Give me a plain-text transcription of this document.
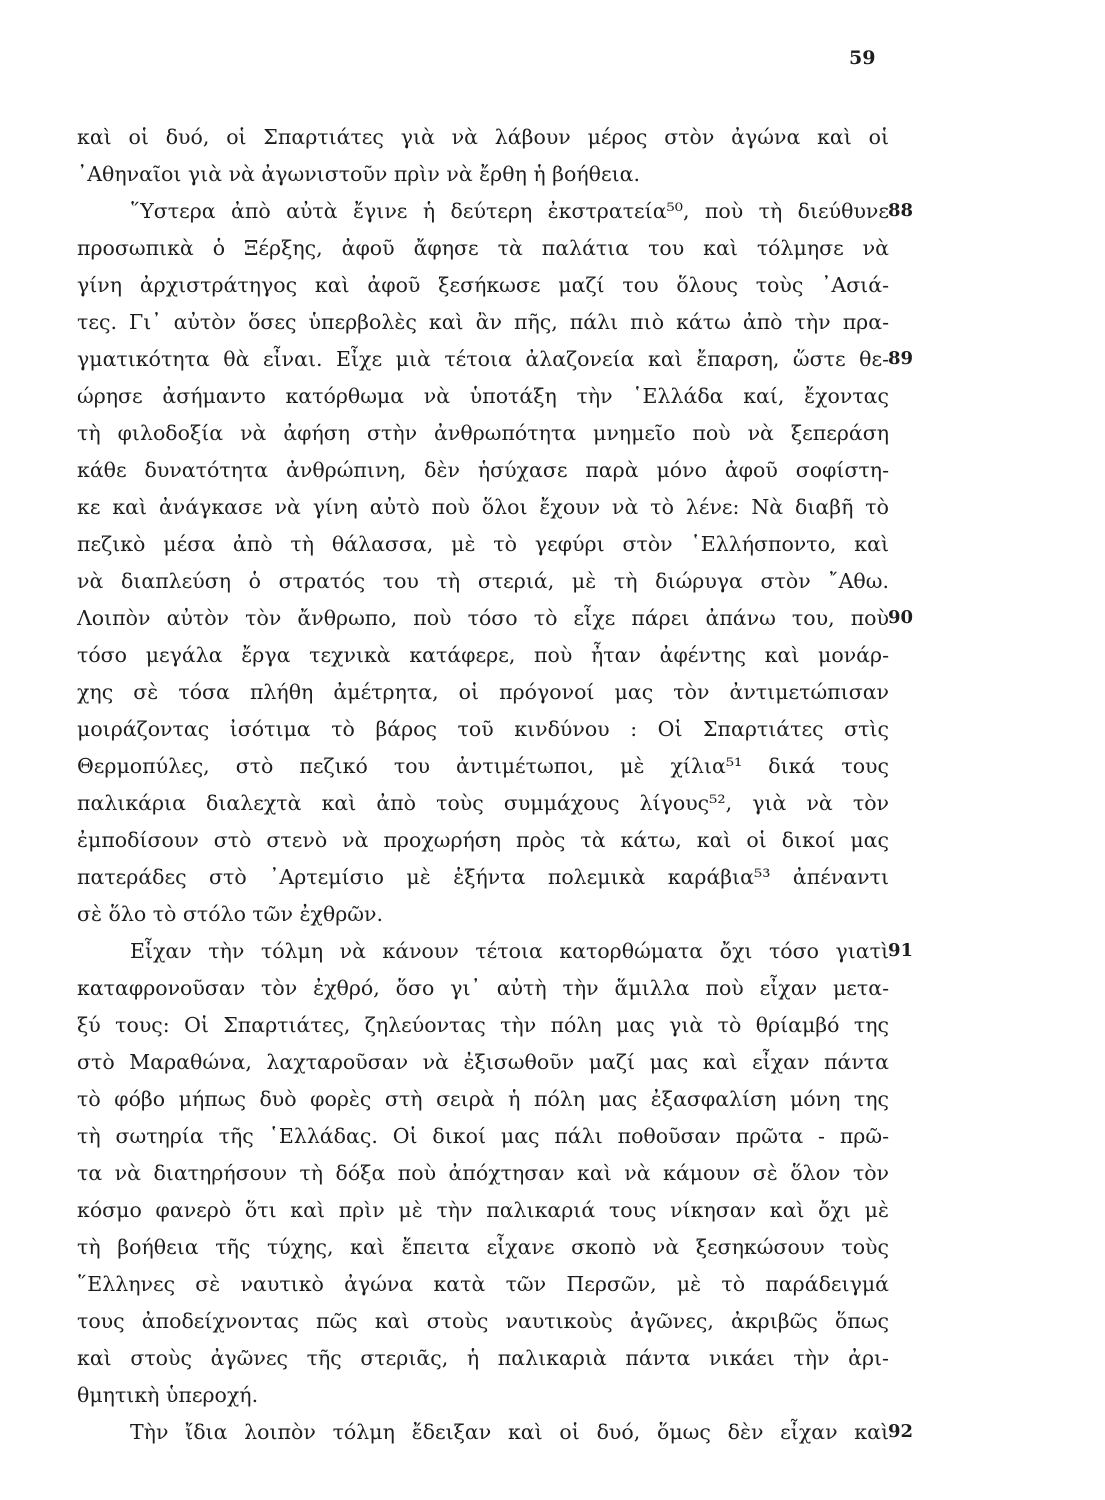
59
καὶ οἱ δυό, οἱ Σπαρτιάτες γιὰ νὰ λάβουν μέρος στὸν ἀγώνα καὶ οἱ
᾿Αθηναῖοι γιὰ νὰ ἀγωνιστοῦν πρὶν νὰ ἔρθη ἡ βοήθεια.
῞Υστερα ἀπὸ αὐτὰ ἔγινε ἡ δεύτερη ἐκστρατεία⁵⁰, ποὺ τὴ διεύθυνε 88
προσωπικὰ ὁ Ξέρξης, ἀφοῦ ἄφησε τὰ παλάτια του καὶ τόλμησε νὰ
γίνη ἀρχιστράτηγος καὶ ἀφοῦ ξεσήκωσε μαζί του ὅλους τοὺς ᾿Ασιά-
τες. Γι᾿ αὐτὸν ὅσες ὑπερβολὲς καὶ ἂν πῆς, πάλι πιὸ κάτω ἀπὸ τὴν πρα-
γματικότητα θὰ εἶναι. Εἶχε μιὰ τέτοια ἀλαζονεία καὶ ἔπαρση, ὥστε θε- 89
ώρησε ἀσήμαντο κατόρθωμα νὰ ὑποτάξη τὴν ῾Ελλάδα καί, ἔχοντας
τὴ φιλοδοξία νὰ ἀφήση στὴν ἀνθρωπότητα μνημεῖο ποὺ νὰ ξεπεράση
κάθε δυνατότητα ἀνθρώπινη, δὲν ἡσύχασε παρὰ μόνο ἀφοῦ σοφίστη-
κε καὶ ἀνάγκασε νὰ γίνη αὐτὸ ποὺ ὅλοι ἔχουν νὰ τὸ λένε: Νὰ διαβῆ τὸ
πεζικὸ μέσα ἀπὸ τὴ θάλασσα, μὲ τὸ γεφύρι στὸν ῾Ελλήσποντο, καὶ
νὰ διαπλεύση ὁ στρατός του τὴ στεριά, μὲ τὴ διώρυγα στὸν ῎Αθω.
Λοιπὸν αὐτὸν τὸν ἄνθρωπο, ποὺ τόσο τὸ εἶχε πάρει ἀπάνω του, ποὺ 90
τόσο μεγάλα ἔργα τεχνικὰ κατάφερε, ποὺ ἦταν ἀφέντης καὶ μονάρ-
χης σὲ τόσα πλήθη ἀμέτρητα, οἱ πρόγονοί μας τὸν ἀντιμετώπισαν
μοιράζοντας ἰσότιμα τὸ βάρος τοῦ κινδύνου : Οἱ Σπαρτιάτες στὶς
Θερμοπύλες, στὸ πεζικό του ἀντιμέτωποι, μὲ χίλια⁵¹ δικά τους
παλικάρια διαλεχτὰ καὶ ἀπὸ τοὺς συμμάχους λίγους⁵², γιὰ νὰ τὸν
ἐμποδίσουν στὸ στενὸ νὰ προχωρήση πρὸς τὰ κάτω, καὶ οἱ δικοί μας
πατεράδες στὸ ᾿Αρτεμίσιο μὲ ἑξήντα πολεμικὰ καράβια⁵³ ἀπέναντι
σὲ ὅλο τὸ στόλο τῶν ἐχθρῶν.
Εἶχαν τὴν τόλμη νὰ κάνουν τέτοια κατορθώματα ὄχι τόσο γιατὶ 91
καταφρονοῦσαν τὸν ἐχθρό, ὅσο γι᾿ αὐτὴ τὴν ἅμιλλα ποὺ εἶχαν μετα-
ξύ τους: Οἱ Σπαρτιάτες, ζηλεύοντας τὴν πόλη μας γιὰ τὸ θρίαμβό της
στὸ Μαραθώνα, λαχταροῦσαν νὰ ἐξισωθοῦν μαζί μας καὶ εἶχαν πάντα
τὸ φόβο μήπως δυὸ φορὲς στὴ σειρὰ ἡ πόλη μας ἐξασφαλίση μόνη της
τὴ σωτηρία τῆς ῾Ελλάδας. Οἱ δικοί μας πάλι ποθοῦσαν πρῶτα - πρῶ-
τα νὰ διατηρήσουν τὴ δόξα ποὺ ἀπόχτησαν καὶ νὰ κάμουν σὲ ὅλον τὸν
κόσμο φανερὸ ὅτι καὶ πρὶν μὲ τὴν παλικαριά τους νίκησαν καὶ ὄχι μὲ
τὴ βοήθεια τῆς τύχης, καὶ ἔπειτα εἶχανε σκοπὸ νὰ ξεσηκώσουν τοὺς
῞Ελληνες σὲ ναυτικὸ ἀγώνα κατὰ τῶν Περσῶν, μὲ τὸ παράδειγμά
τους ἀποδείχνοντας πῶς καὶ στοὺς ναυτικοὺς ἀγῶνες, ἀκριβῶς ὅπως
καὶ στοὺς ἀγῶνες τῆς στεριᾶς, ἡ παλικαριὰ πάντα νικάει τὴν ἀρι-
θμητικὴ ὑπεροχή.
Τὴν ἴδια λοιπὸν τόλμη ἔδειξαν καὶ οἱ δυό, ὅμως δὲν εἶχαν καὶ 92
